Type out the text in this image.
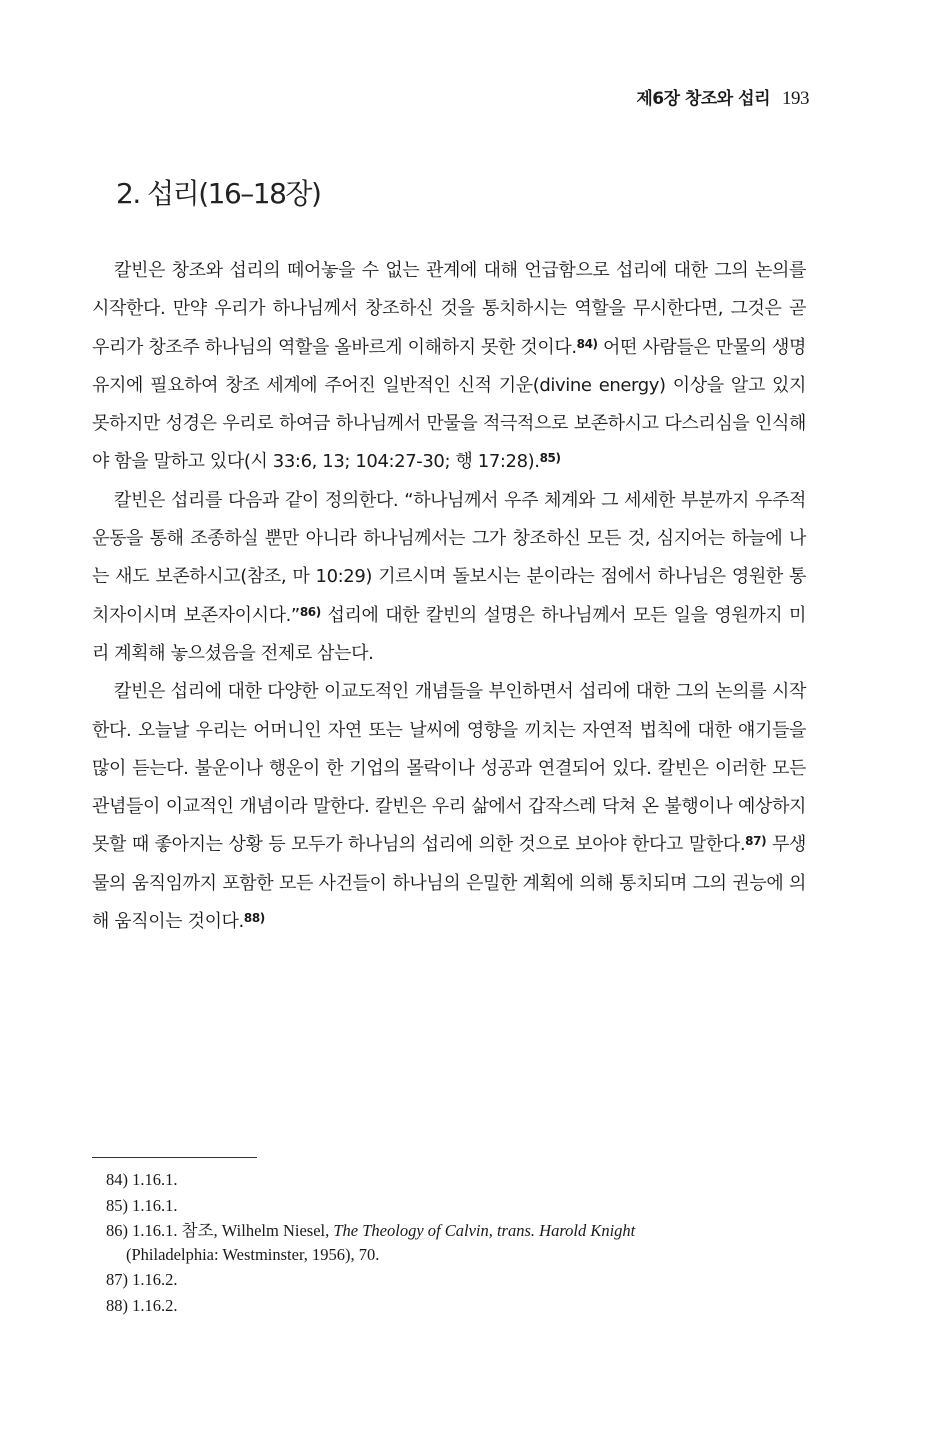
제6장 창조와 섭리 193
2. 섭리(16–18장)

칼빈은 창조와 섭리의 떼어놓을 수 없는 관계에 대해 언급함으로 섭리에 대한 그의 논의를 시작한다. 만약 우리가 하나님께서 창조하신 것을 통치하시는 역할을 무시한다면, 그것은 곧 우리가 창조주 하나님의 역할을 올바르게 이해하지 못한 것이다.$^{84)}$ 어떤 사람들은 만물의 생명 유지에 필요하여 창조 세계에 주어진 일반적인 신적 기운(divine energy) 이상을 알고 있지 못하지만 성경은 우리로 하여금 하나님께서 만물을 적극적으로 보존하시고 다스리심을 인식해야 함을 말하고 있다(시 33:6, 13; 104:27-30; 행 17:28).$^{85)}$

칼빈은 섭리를 다음과 같이 정의한다. “하나님께서 우주 체계와 그 세세한 부분까지 우주적 운동을 통해 조종하실 뿐만 아니라 하나님께서는 그가 창조하신 모든 것, 심지어는 하늘에 나는 새도 보존하시고(참조, 마 10:29) 기르시며 돌보시는 분이라는 점에서 하나님은 영원한 통치자이시며 보존자이시다.”$^{86)}$ 섭리에 대한 칼빈의 설명은 하나님께서 모든 일을 영원까지 미리 계획해 놓으셨음을 전제로 삼는다.

칼빈은 섭리에 대한 다양한 이교도적인 개념들을 부인하면서 섭리에 대한 그의 논의를 시작한다. 오늘날 우리는 어머니인 자연 또는 날씨에 영향을 끼치는 자연적 법칙에 대한 얘기들을 많이 듣는다. 불운이나 행운이 한 기업의 몰락이나 성공과 연결되어 있다. 칼빈은 이러한 모든 관념들이 이교적인 개념이라 말한다. 칼빈은 우리 삶에서 갑작스레 닥쳐 온 불행이나 예상하지 못할 때 좋아지는 상황 등 모두가 하나님의 섭리에 의한 것으로 보아야 한다고 말한다.$^{87)}$ 무생물의 움직임까지 포함한 모든 사건들이 하나님의 은밀한 계획에 의해 통치되며 그의 권능에 의해 움직이는 것이다.$^{88)}$

84) 1.16.1.
85) 1.16.1.
86) 1.16.1. 참조, Wilhelm Niesel, The Theology of Calvin, trans. Harold Knight
(Philadelphia: Westminster, 1956), 70.
87) 1.16.2.
88) 1.16.2.
